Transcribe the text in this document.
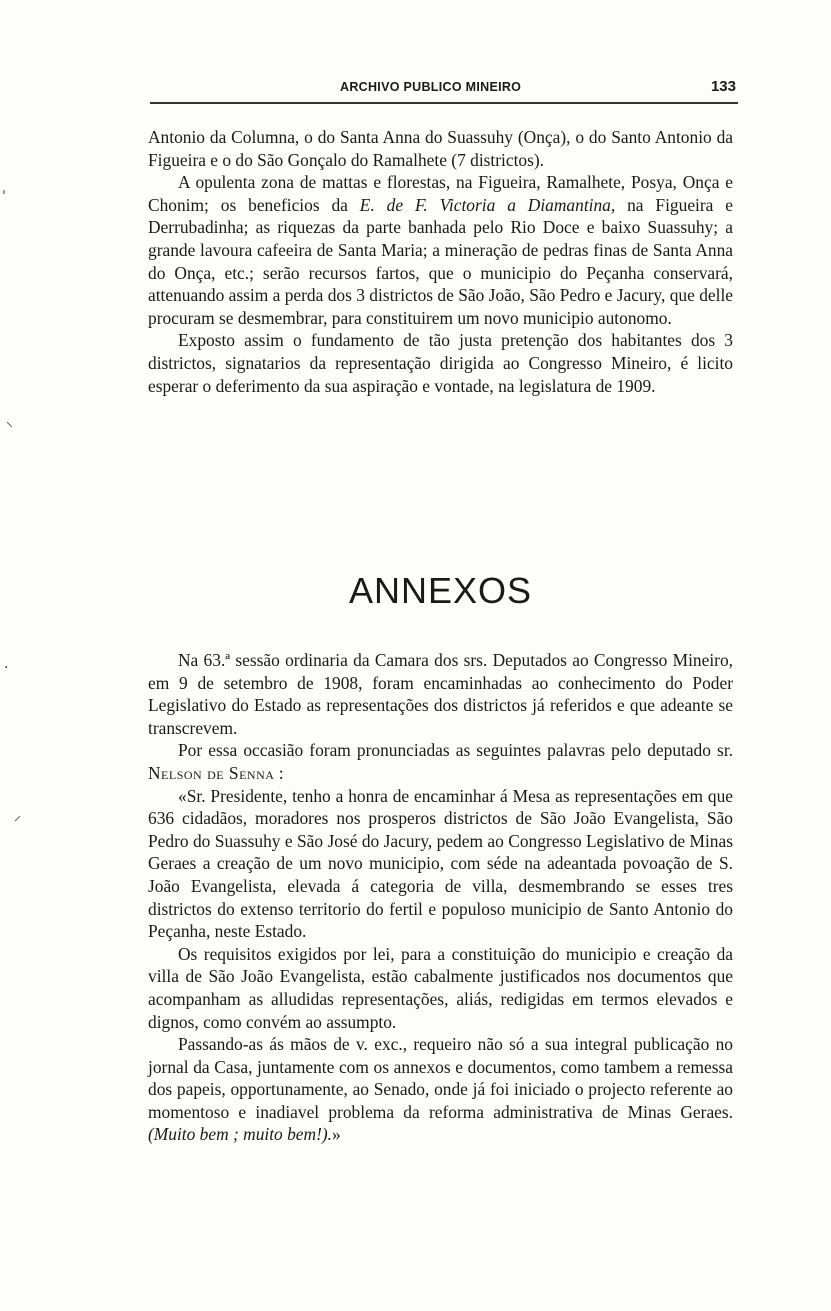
ARCHIVO PUBLICO MINEIRO	133
ˌ
⸌
·
⸍

Antonio da Columna, o do Santa Anna do Suassuhy (Onça), o do Santo Antonio da Figueira e o do São Gonçalo do Ramalhete (7 districtos).

A opulenta zona de mattas e florestas, na Figueira, Ramalhete, Posya, Onça e Chonim; os beneficios da E. de F. Victoria a Diamantina, na Figueira e Derrubadinha; as riquezas da parte banhada pelo Rio Doce e baixo Suassuhy; a grande lavoura cafeeira de Santa Maria; a mineração de pedras finas de Santa Anna do Onça, etc.; serão recursos fartos, que o municipio do Peçanha conservará, attenuando assim a perda dos 3 districtos de São João, São Pedro e Jacury, que delle procuram se desmembrar, para constituirem um novo municipio autonomo.

Exposto assim o fundamento de tão justa pretenção dos habitantes dos 3 districtos, signatarios da representação dirigida ao Congresso Mineiro, é licito esperar o deferimento da sua aspiração e vontade, na legislatura de 1909.

ANNEXOS

Na 63.ª sessão ordinaria da Camara dos srs. Deputados ao Congresso Mineiro, em 9 de setembro de 1908, foram encaminhadas ao conhecimento do Poder Legislativo do Estado as representações dos districtos já referidos e que adeante se transcrevem.

Por essa occasião foram pronunciadas as seguintes palavras pelo deputado sr. Nelson de Senna :

«Sr. Presidente, tenho a honra de encaminhar á Mesa as representações em que 636 cidadãos, moradores nos prosperos districtos de São João Evangelista, São Pedro do Suassuhy e São José do Jacury, pedem ao Congresso Legislativo de Minas Geraes a creação de um novo municipio, com séde na adeantada povoação de S. João Evangelista, elevada á categoria de villa, desmembrando se esses tres districtos do extenso territorio do fertil e populoso municipio de Santo Antonio do Peçanha, neste Estado.

Os requisitos exigidos por lei, para a constituição do municipio e creação da villa de São João Evangelista, estão cabalmente justificados nos documentos que acompanham as alludidas representações, aliás, redigidas em termos elevados e dignos, como convém ao assumpto.

Passando-as ás mãos de v. exc., requeiro não só a sua integral publicação no jornal da Casa, juntamente com os annexos e documentos, como tambem a remessa dos papeis, opportunamente, ao Senado, onde já foi iniciado o projecto referente ao momentoso e inadiavel problema da reforma administrativa de Minas Geraes. (Muito bem ; muito bem!).»
